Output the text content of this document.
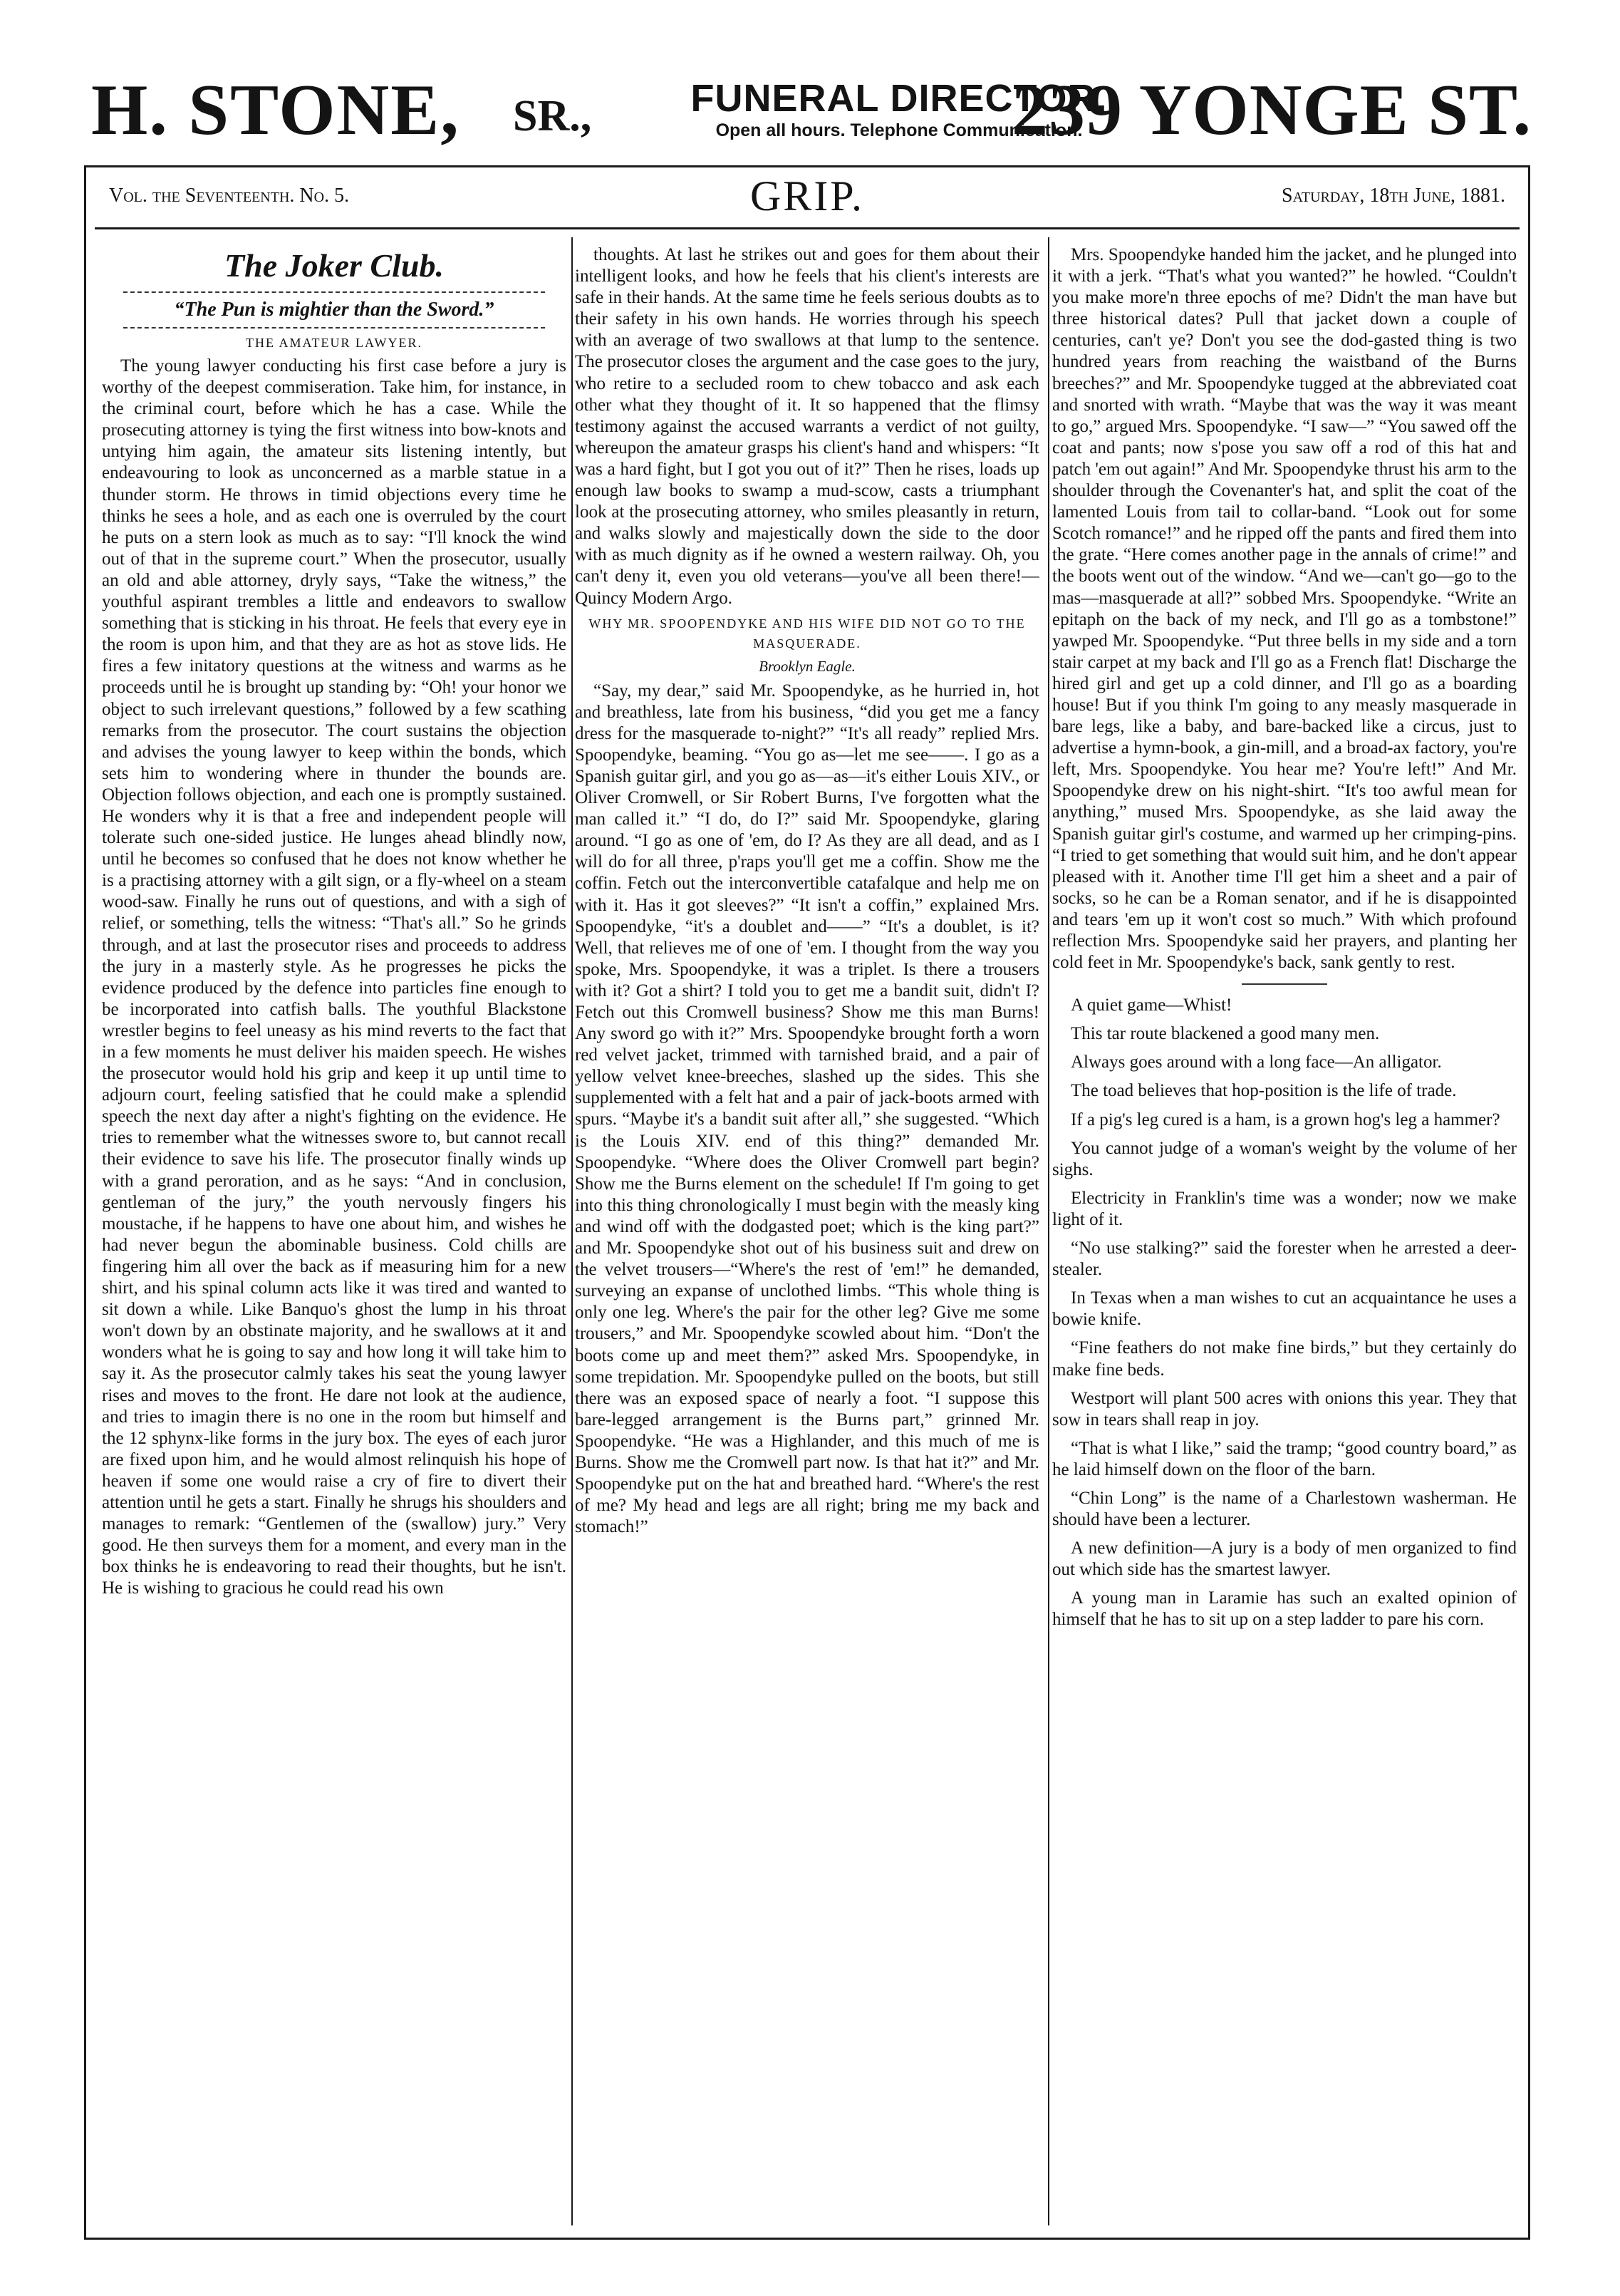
H. STONE, SR.,	FUNERAL DIRECTOR.
Open all hours. Telephone Communication.
239 YONGE ST.
Vol. the Seventeenth. No. 5.	GRIP.	Saturday, 18th June, 1881.
The Joker Club.
“The Pun is mightier than the Sword.”
THE AMATEUR LAWYER.

The young lawyer conducting his first case before a jury is worthy of the deepest commiseration. Take him, for instance, in the criminal court, before which he has a case. While the prosecuting attorney is tying the first witness into bow-knots and untying him again, the amateur sits listening intently, but endeavouring to look as unconcerned as a marble statue in a thunder storm. He throws in timid objections every time he thinks he sees a hole, and as each one is overruled by the court he puts on a stern look as much as to say: “I'll knock the wind out of that in the supreme court.” When the prosecutor, usually an old and able attorney, dryly says, “Take the witness,” the youthful aspirant trembles a little and endeavors to swallow something that is sticking in his throat. He feels that every eye in the room is upon him, and that they are as hot as stove lids. He fires a few initatory questions at the witness and warms as he proceeds until he is brought up standing by: “Oh! your honor we object to such irrelevant questions,” followed by a few scathing remarks from the prosecutor. The court sustains the objection and advises the young lawyer to keep within the bonds, which sets him to wondering where in thunder the bounds are. Objection follows objection, and each one is promptly sustained. He wonders why it is that a free and independent people will tolerate such one-sided justice. He lunges ahead blindly now, until he becomes so confused that he does not know whether he is a practising attorney with a gilt sign, or a fly-wheel on a steam wood-saw. Finally he runs out of questions, and with a sigh of relief, or something, tells the witness: “That's all.” So he grinds through, and at last the prosecutor rises and proceeds to address the jury in a masterly style. As he progresses he picks the evidence produced by the defence into particles fine enough to be incorporated into catfish balls. The youthful Blackstone wrestler begins to feel uneasy as his mind reverts to the fact that in a few moments he must deliver his maiden speech. He wishes the prosecutor would hold his grip and keep it up until time to adjourn court, feeling satisfied that he could make a splendid speech the next day after a night's fighting on the evidence. He tries to remember what the witnesses swore to, but cannot recall their evidence to save his life. The prosecutor finally winds up with a grand peroration, and as he says: “And in conclusion, gentleman of the jury,” the youth nervously fingers his moustache, if he happens to have one about him, and wishes he had never begun the abominable business. Cold chills are fingering him all over the back as if measuring him for a new shirt, and his spinal column acts like it was tired and wanted to sit down a while. Like Banquo's ghost the lump in his throat won't down by an obstinate majority, and he swallows at it and wonders what he is going to say and how long it will take him to say it. As the prosecutor calmly takes his seat the young lawyer rises and moves to the front. He dare not look at the audience, and tries to imagin there is no one in the room but himself and the 12 sphynx-like forms in the jury box. The eyes of each juror are fixed upon him, and he would almost relinquish his hope of heaven if some one would raise a cry of fire to divert their attention until he gets a start. Finally he shrugs his shoulders and manages to remark: “Gentlemen of the (swallow) jury.” Very good. He then surveys them for a moment, and every man in the box thinks he is endeavoring to read their thoughts, but he isn't. He is wishing to gracious he could read his own

thoughts. At last he strikes out and goes for them about their intelligent looks, and how he feels that his client's interests are safe in their hands. At the same time he feels serious doubts as to their safety in his own hands. He worries through his speech with an average of two swallows at that lump to the sentence. The prosecutor closes the argument and the case goes to the jury, who retire to a secluded room to chew tobacco and ask each other what they thought of it. It so happened that the flimsy testimony against the accused warrants a verdict of not guilty, whereupon the amateur grasps his client's hand and whispers: “It was a hard fight, but I got you out of it?” Then he rises, loads up enough law books to swamp a mud-scow, casts a triumphant look at the prosecuting attorney, who smiles pleasantly in return, and walks slowly and majestically down the side to the door with as much dignity as if he owned a western railway. Oh, you can't deny it, even you old veterans—you've all been there!—Quincy Modern Argo.

WHY MR. SPOOPENDYKE AND HIS WIFE DID NOT GO TO THE MASQUERADE.
Brooklyn Eagle.

“Say, my dear,” said Mr. Spoopendyke, as he hurried in, hot and breathless, late from his business, “did you get me a fancy dress for the masquerade to-night?” “It's all ready” replied Mrs. Spoopendyke, beaming. “You go as—let me see——. I go as a Spanish guitar girl, and you go as—as—it's either Louis XIV., or Oliver Cromwell, or Sir Robert Burns, I've forgotten what the man called it.” “I do, do I?” said Mr. Spoopendyke, glaring around. “I go as one of 'em, do I? As they are all dead, and as I will do for all three, p'raps you'll get me a coffin. Show me the coffin. Fetch out the interconvertible catafalque and help me on with it. Has it got sleeves?” “It isn't a coffin,” explained Mrs. Spoopendyke, “it's a doublet and——” “It's a doublet, is it? Well, that relieves me of one of 'em. I thought from the way you spoke, Mrs. Spoopendyke, it was a triplet. Is there a trousers with it? Got a shirt? I told you to get me a bandit suit, didn't I? Fetch out this Cromwell business? Show me this man Burns! Any sword go with it?” Mrs. Spoopendyke brought forth a worn red velvet jacket, trimmed with tarnished braid, and a pair of yellow velvet knee-breeches, slashed up the sides. This she supplemented with a felt hat and a pair of jack-boots armed with spurs. “Maybe it's a bandit suit after all,” she suggested. “Which is the Louis XIV. end of this thing?” demanded Mr. Spoopendyke. “Where does the Oliver Cromwell part begin? Show me the Burns element on the schedule! If I'm going to get into this thing chronologically I must begin with the measly king and wind off with the dodgasted poet; which is the king part?” and Mr. Spoopendyke shot out of his business suit and drew on the velvet trousers—“Where's the rest of 'em!” he demanded, surveying an expanse of unclothed limbs. “This whole thing is only one leg. Where's the pair for the other leg? Give me some trousers,” and Mr. Spoopendyke scowled about him. “Don't the boots come up and meet them?” asked Mrs. Spoopendyke, in some trepidation. Mr. Spoopendyke pulled on the boots, but still there was an exposed space of nearly a foot. “I suppose this bare-legged arrangement is the Burns part,” grinned Mr. Spoopendyke. “He was a Highlander, and this much of me is Burns. Show me the Cromwell part now. Is that hat it?” and Mr. Spoopendyke put on the hat and breathed hard. “Where's the rest of me? My head and legs are all right; bring me my back and stomach!”

Mrs. Spoopendyke handed him the jacket, and he plunged into it with a jerk. “That's what you wanted?” he howled. “Couldn't you make more'n three epochs of me? Didn't the man have but three historical dates? Pull that jacket down a couple of centuries, can't ye? Don't you see the dod-gasted thing is two hundred years from reaching the waistband of the Burns breeches?” and Mr. Spoopendyke tugged at the abbreviated coat and snorted with wrath. “Maybe that was the way it was meant to go,” argued Mrs. Spoopendyke. “I saw—” “You sawed off the coat and pants; now s'pose you saw off a rod of this hat and patch 'em out again!” And Mr. Spoopendyke thrust his arm to the shoulder through the Covenanter's hat, and split the coat of the lamented Louis from tail to collar-band. “Look out for some Scotch romance!” and he ripped off the pants and fired them into the grate. “Here comes another page in the annals of crime!” and the boots went out of the window. “And we—can't go—go to the mas—masquerade at all?” sobbed Mrs. Spoopendyke. “Write an epitaph on the back of my neck, and I'll go as a tombstone!” yawped Mr. Spoopendyke. “Put three bells in my side and a torn stair carpet at my back and I'll go as a French flat! Discharge the hired girl and get up a cold dinner, and I'll go as a boarding house! But if you think I'm going to any measly masquerade in bare legs, like a baby, and bare-backed like a circus, just to advertise a hymn-book, a gin-mill, and a broad-ax factory, you're left, Mrs. Spoopendyke. You hear me? You're left!” And Mr. Spoopendyke drew on his night-shirt. “It's too awful mean for anything,” mused Mrs. Spoopendyke, as she laid away the Spanish guitar girl's costume, and warmed up her crimping-pins. “I tried to get something that would suit him, and he don't appear pleased with it. Another time I'll get him a sheet and a pair of socks, so he can be a Roman senator, and if he is disappointed and tears 'em up it won't cost so much.” With which profound reflection Mrs. Spoopendyke said her prayers, and planting her cold feet in Mr. Spoopendyke's back, sank gently to rest.

A quiet game—Whist!

This tar route blackened a good many men.

Always goes around with a long face—An alligator.

The toad believes that hop-position is the life of trade.

If a pig's leg cured is a ham, is a grown hog's leg a hammer?

You cannot judge of a woman's weight by the volume of her sighs.

Electricity in Franklin's time was a wonder; now we make light of it.

“No use stalking?” said the forester when he arrested a deer-stealer.

In Texas when a man wishes to cut an acquaintance he uses a bowie knife.

“Fine feathers do not make fine birds,” but they certainly do make fine beds.

Westport will plant 500 acres with onions this year. They that sow in tears shall reap in joy.

“That is what I like,” said the tramp; “good country board,” as he laid himself down on the floor of the barn.

“Chin Long” is the name of a Charlestown washerman. He should have been a lecturer.

A new definition—A jury is a body of men organized to find out which side has the smartest lawyer.

A young man in Laramie has such an exalted opinion of himself that he has to sit up on a step ladder to pare his corn.
